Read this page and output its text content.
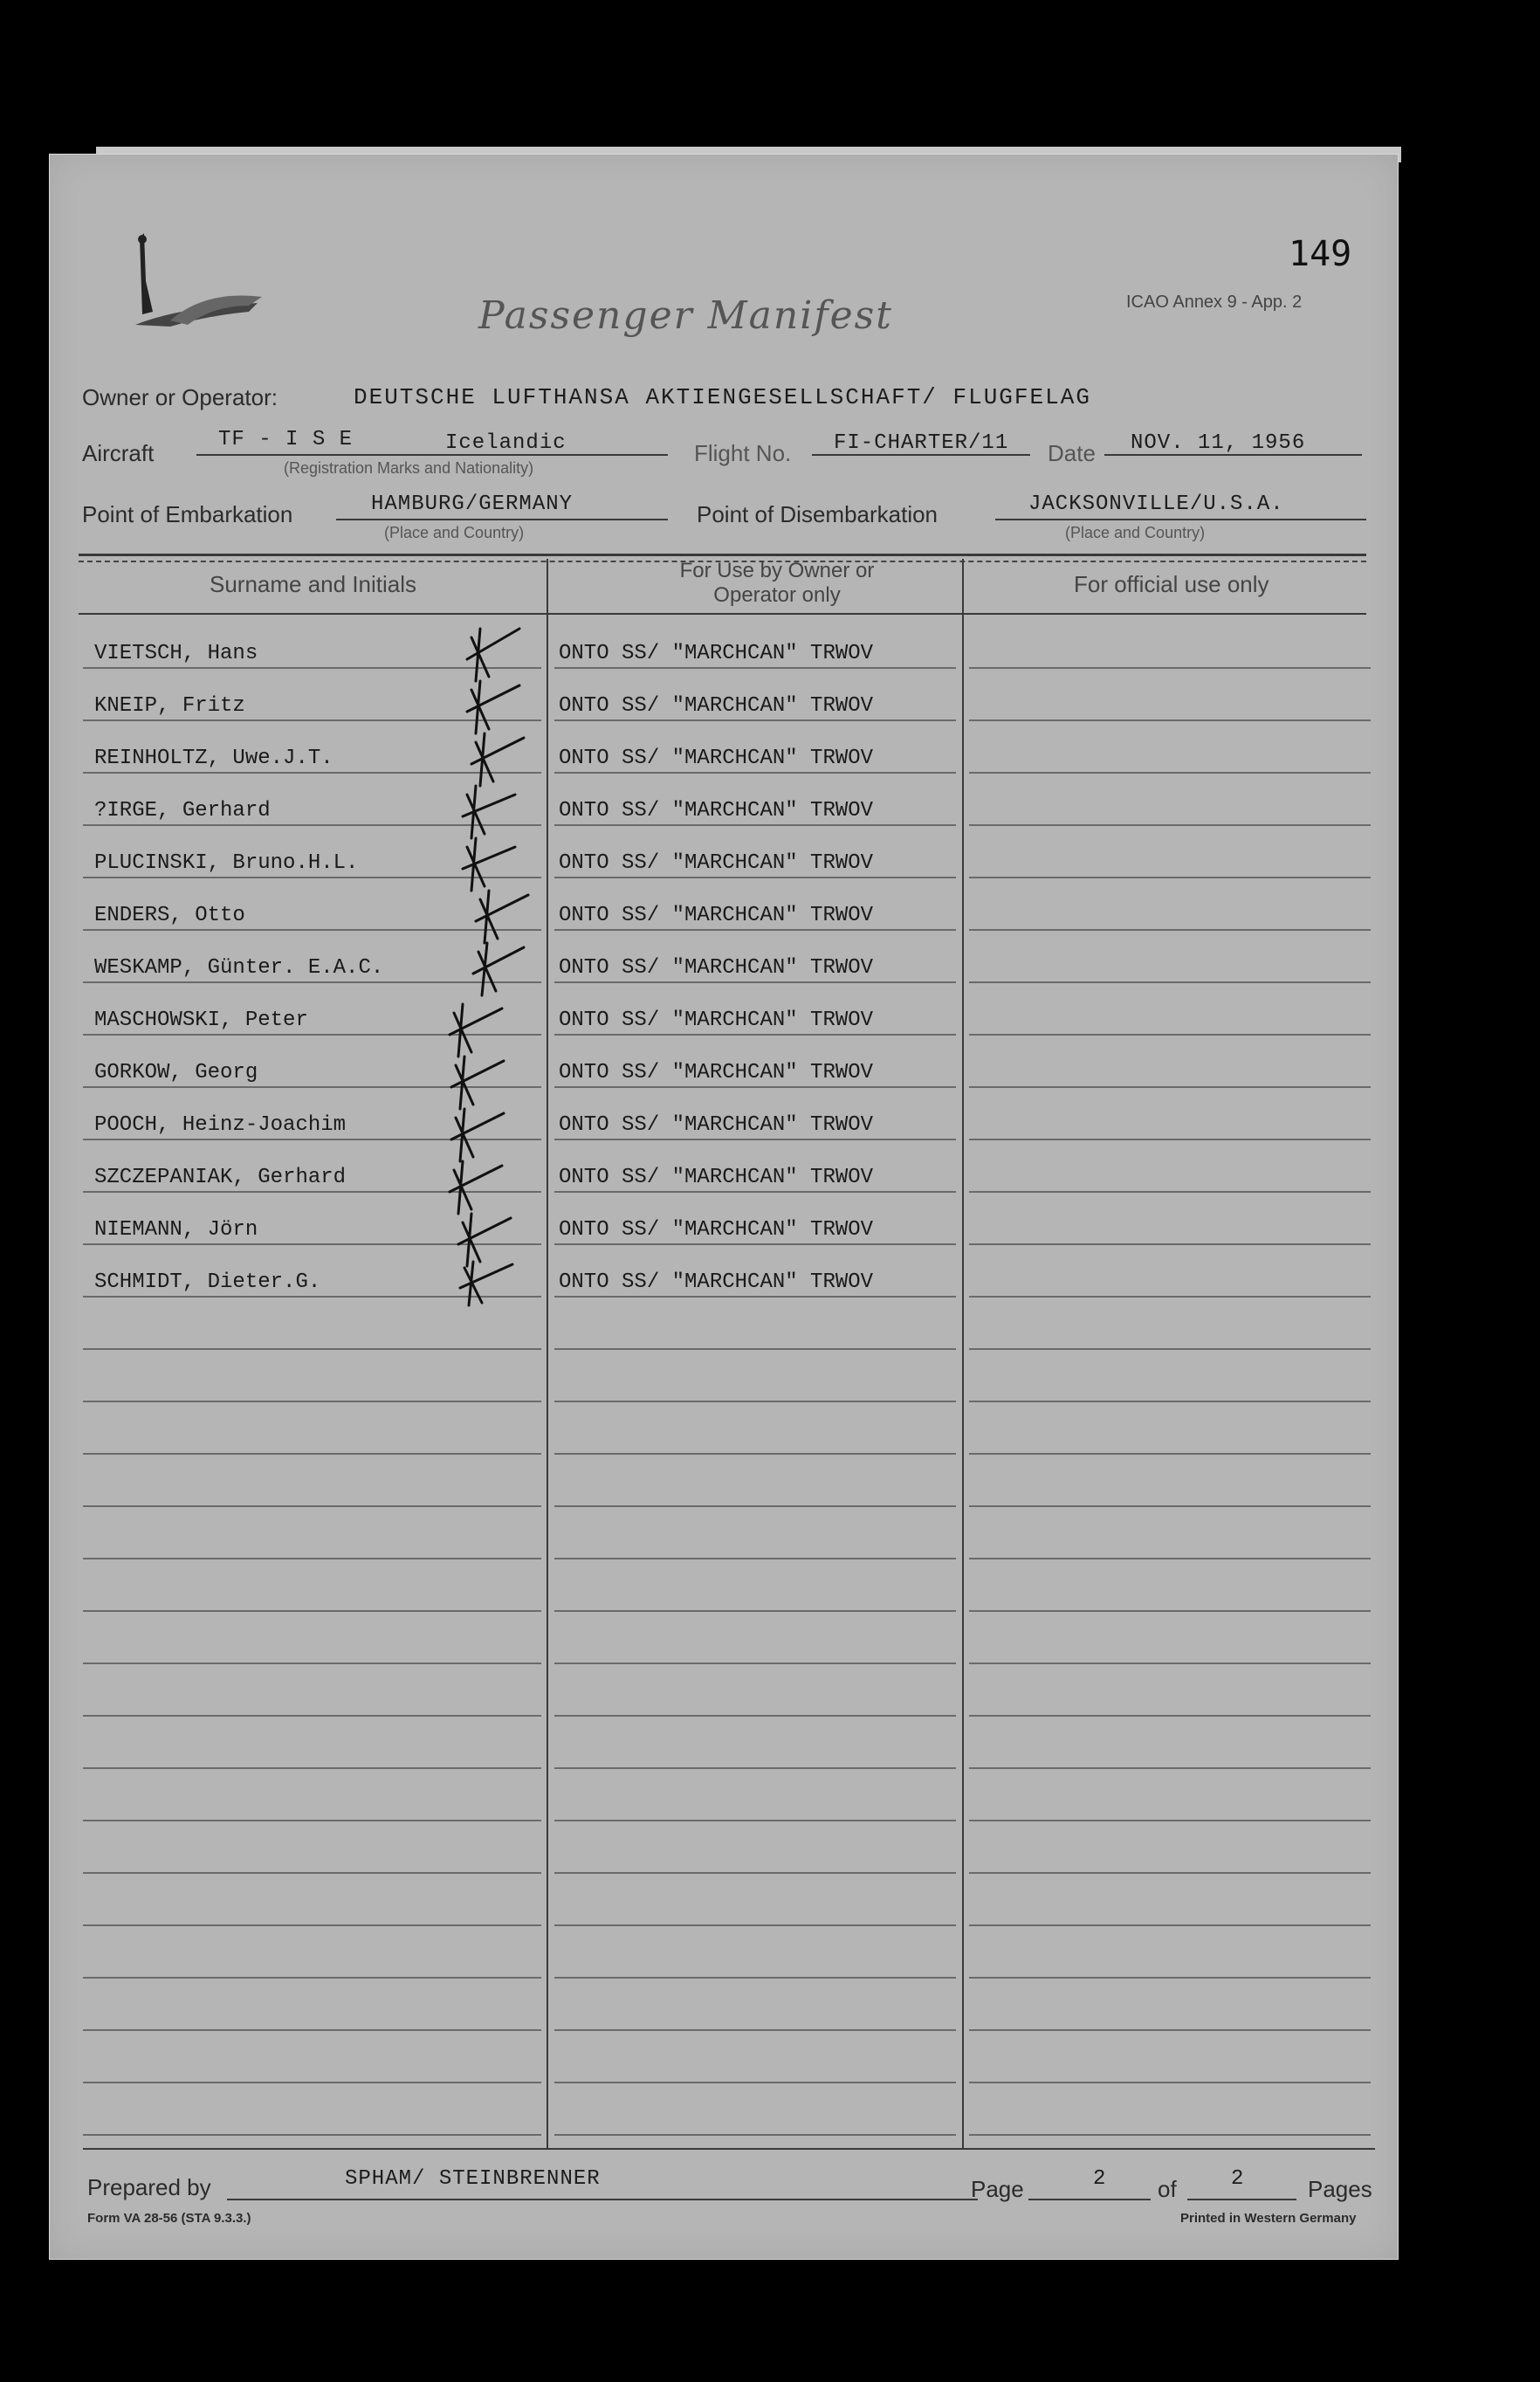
149
ICAO Annex 9 - App. 2
Passenger Manifest
Owner or Operator:	DEUTSCHE LUFTHANSA AKTIENGESELLSCHAFT/ FLUGFELAG
Aircraft
TF - I S E	Icelandic
(Registration Marks and Nationality)
Flight No. FI-CHARTER/11 Date NOV. 11, 1956
Point of Embarkation	HAMBURG/GERMANY
(Place and Country)
Point of Disembarkation	JACKSONVILLE/U.S.A.
(Place and Country)
Surname and Initials
For Use by Owner or Operator only	For official use only
VIETSCH, Hans	ONTO SS/ "MARCHCAN" TRWOV
KNEIP, Fritz	ONTO SS/ "MARCHCAN" TRWOV
REINHOLTZ, Uwe.J.T.	ONTO SS/ "MARCHCAN" TRWOV
?IRGE, Gerhard	ONTO SS/ "MARCHCAN" TRWOV
PLUCINSKI, Bruno.H.L.	ONTO SS/ "MARCHCAN" TRWOV
ENDERS, Otto	ONTO SS/ "MARCHCAN" TRWOV
WESKAMP, Günter. E.A.C.	ONTO SS/ "MARCHCAN" TRWOV
MASCHOWSKI, Peter	ONTO SS/ "MARCHCAN" TRWOV
GORKOW, Georg	ONTO SS/ "MARCHCAN" TRWOV
POOCH, Heinz-Joachim	ONTO SS/ "MARCHCAN" TRWOV
SZCZEPANIAK, Gerhard	ONTO SS/ "MARCHCAN" TRWOV
NIEMANN, Jörn	ONTO SS/ "MARCHCAN" TRWOV
SCHMIDT, Dieter.G.	ONTO SS/ "MARCHCAN" TRWOV
Prepared by	SPHAM/ STEINBRENNER	Page	2 of	2	Pages
Form VA 28-56 (STA 9.3.3.)	Printed in Western Germany
